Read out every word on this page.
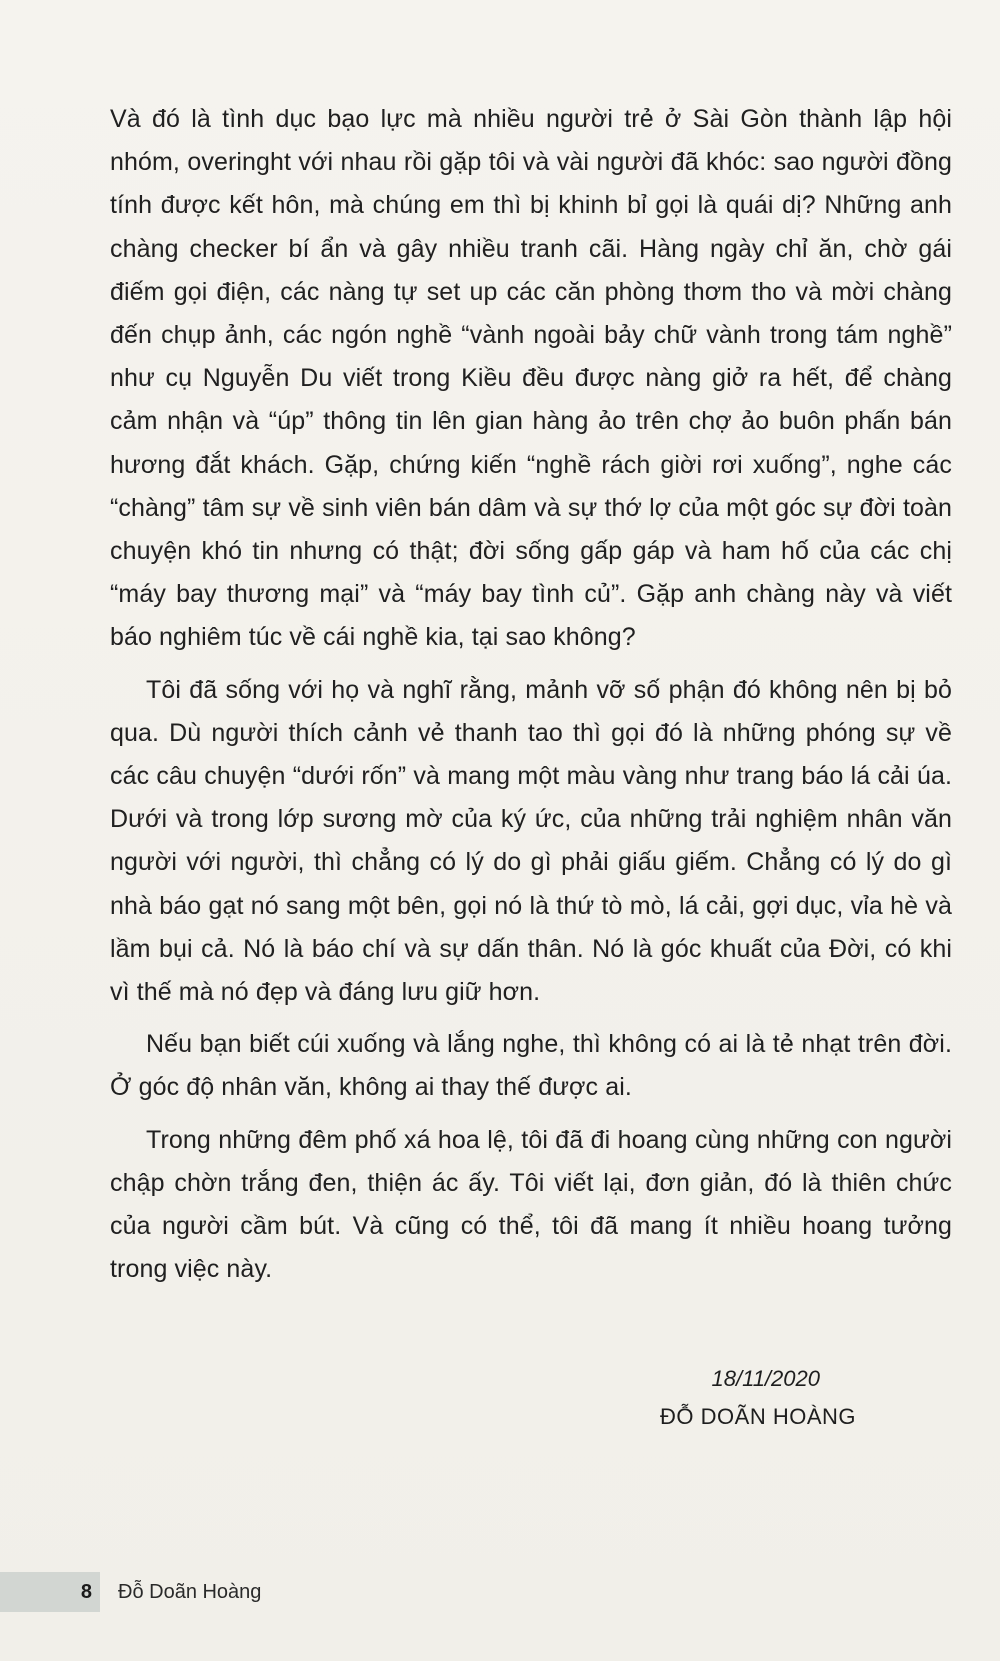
Và đó là tình dục bạo lực mà nhiều người trẻ ở Sài Gòn thành lập hội nhóm, overinght với nhau rồi gặp tôi và vài người đã khóc: sao người đồng tính được kết hôn, mà chúng em thì bị khinh bỉ gọi là quái dị? Những anh chàng checker bí ẩn và gây nhiều tranh cãi. Hàng ngày chỉ ăn, chờ gái điếm gọi điện, các nàng tự set up các căn phòng thơm tho và mời chàng đến chụp ảnh, các ngón nghề “vành ngoài bảy chữ vành trong tám nghề” như cụ Nguyễn Du viết trong Kiều đều được nàng giở ra hết, để chàng cảm nhận và “úp” thông tin lên gian hàng ảo trên chợ ảo buôn phấn bán hương đắt khách. Gặp, chứng kiến “nghề rách giời rơi xuống”, nghe các “chàng” tâm sự về sinh viên bán dâm và sự thớ lợ của một góc sự đời toàn chuyện khó tin nhưng có thật; đời sống gấp gáp và ham hố của các chị “máy bay thương mại” và “máy bay tình củ”. Gặp anh chàng này và viết báo nghiêm túc về cái nghề kia, tại sao không?

Tôi đã sống với họ và nghĩ rằng, mảnh vỡ số phận đó không nên bị bỏ qua. Dù người thích cảnh vẻ thanh tao thì gọi đó là những phóng sự về các câu chuyện “dưới rốn” và mang một màu vàng như trang báo lá cải úa. Dưới và trong lớp sương mờ của ký ức, của những trải nghiệm nhân văn người với người, thì chẳng có lý do gì phải giấu giếm. Chẳng có lý do gì nhà báo gạt nó sang một bên, gọi nó là thứ tò mò, lá cải, gợi dục, vỉa hè và lầm bụi cả. Nó là báo chí và sự dấn thân. Nó là góc khuất của Đời, có khi vì thế mà nó đẹp và đáng lưu giữ hơn.

Nếu bạn biết cúi xuống và lắng nghe, thì không có ai là tẻ nhạt trên đời. Ở góc độ nhân văn, không ai thay thế được ai.

Trong những đêm phố xá hoa lệ, tôi đã đi hoang cùng những con người chập chờn trắng đen, thiện ác ấy. Tôi viết lại, đơn giản, đó là thiên chức của người cầm bút. Và cũng có thể, tôi đã mang ít nhiều hoang tưởng trong việc này.

18/11/2020
ĐỖ DOÃN HOÀNG
8 Đỗ Doãn Hoàng
